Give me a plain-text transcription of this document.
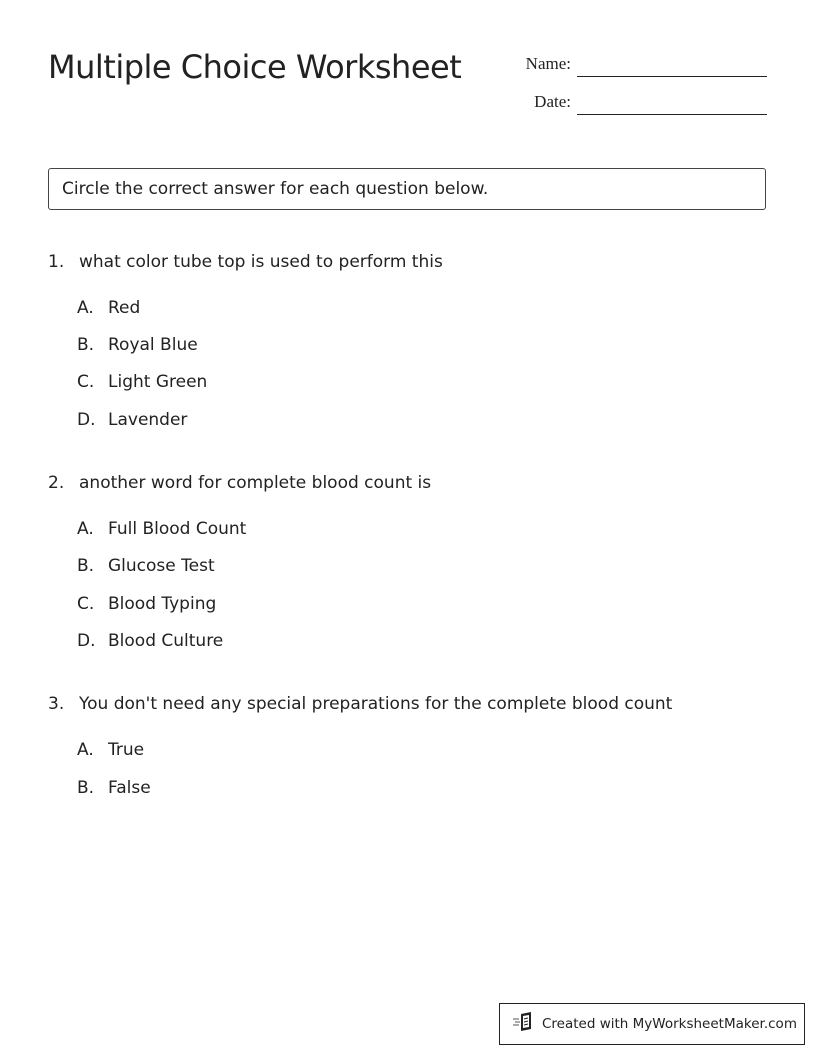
Multiple Choice Worksheet	Name:
Date:
Circle the correct answer for each question below.
1. what color tube top is used to perform this
A. Red
B. Royal Blue
C. Light Green
D. Lavender
2. another word for complete blood count is
A. Full Blood Count
B. Glucose Test
C. Blood Typing
D. Blood Culture
3. You don't need any special preparations for the complete blood count
A. True
B. False
Created with MyWorksheetMaker.com
